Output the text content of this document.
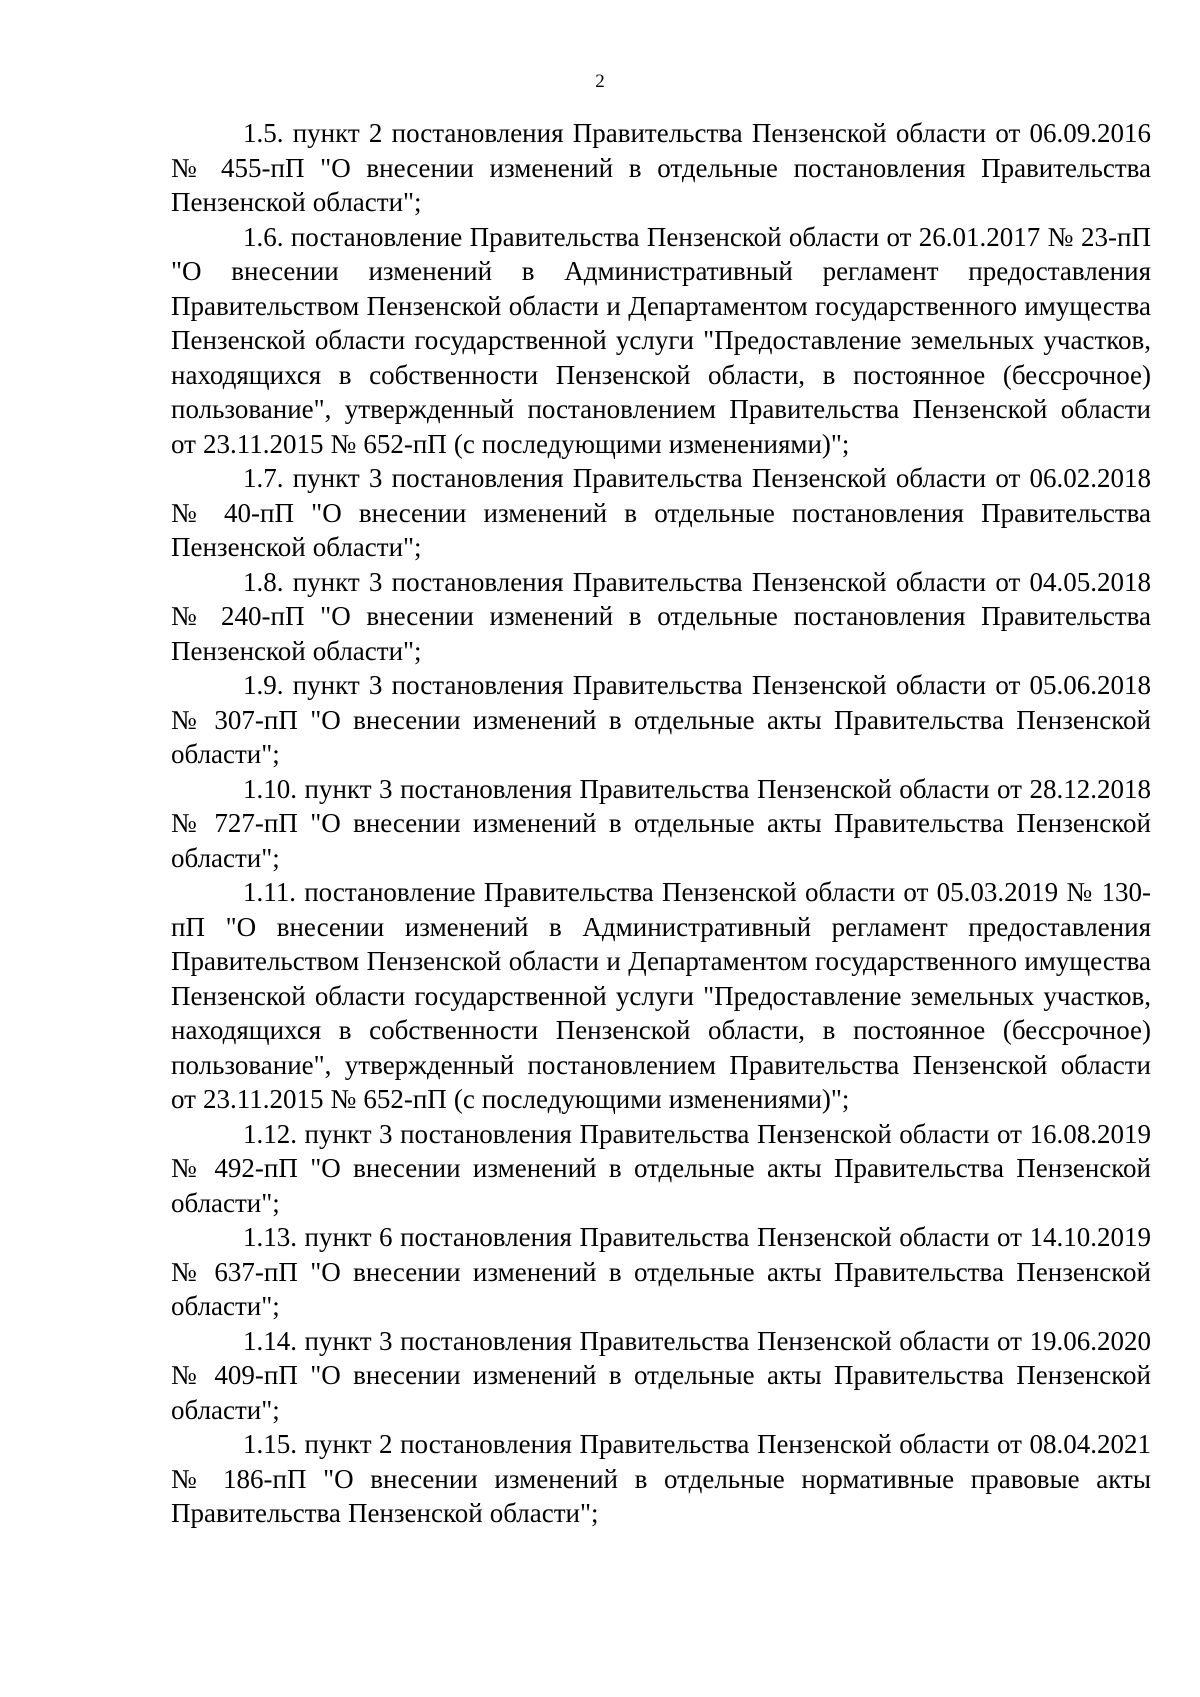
2

1.5. пункт 2 постановления Правительства Пензенской области от 06.09.2016 № 455-пП "О внесении изменений в отдельные постановления Правительства Пензенской области";

1.6. постановление Правительства Пензенской области от 26.01.2017 № 23-пП "О внесении изменений в Административный регламент предоставления Правительством Пензенской области и Департаментом государственного имущества Пензенской области государственной услуги "Предоставление земельных участков, находящихся в собственности Пензенской области, в постоянное (бессрочное) пользование", утвержденный постановлением Правительства Пензенской области от 23.11.2015 № 652-пП (с последующими изменениями)";

1.7. пункт 3 постановления Правительства Пензенской области от 06.02.2018 № 40-пП "О внесении изменений в отдельные постановления Правительства Пензенской области";

1.8. пункт 3 постановления Правительства Пензенской области от 04.05.2018 № 240-пП "О внесении изменений в отдельные постановления Правительства Пензенской области";

1.9. пункт 3 постановления Правительства Пензенской области от 05.06.2018 № 307-пП "О внесении изменений в отдельные акты Правительства Пензенской области";

1.10. пункт 3 постановления Правительства Пензенской области от 28.12.2018 № 727-пП "О внесении изменений в отдельные акты Правительства Пензенской области";

1.11. постановление Правительства Пензенской области от 05.03.2019 № 130-пП "О внесении изменений в Административный регламент предоставления Правительством Пензенской области и Департаментом государственного имущества Пензенской области государственной услуги "Предоставление земельных участков, находящихся в собственности Пензенской области, в постоянное (бессрочное) пользование", утвержденный постановлением Правительства Пензенской области от 23.11.2015 № 652-пП (с последующими изменениями)";

1.12. пункт 3 постановления Правительства Пензенской области от 16.08.2019 № 492-пП "О внесении изменений в отдельные акты Правительства Пензенской области";

1.13. пункт 6 постановления Правительства Пензенской области от 14.10.2019 № 637-пП "О внесении изменений в отдельные акты Правительства Пензенской области";

1.14. пункт 3 постановления Правительства Пензенской области от 19.06.2020 № 409-пП "О внесении изменений в отдельные акты Правительства Пензенской области";

1.15. пункт 2 постановления Правительства Пензенской области от 08.04.2021 № 186-пП "О внесении изменений в отдельные нормативные правовые акты Правительства Пензенской области";
